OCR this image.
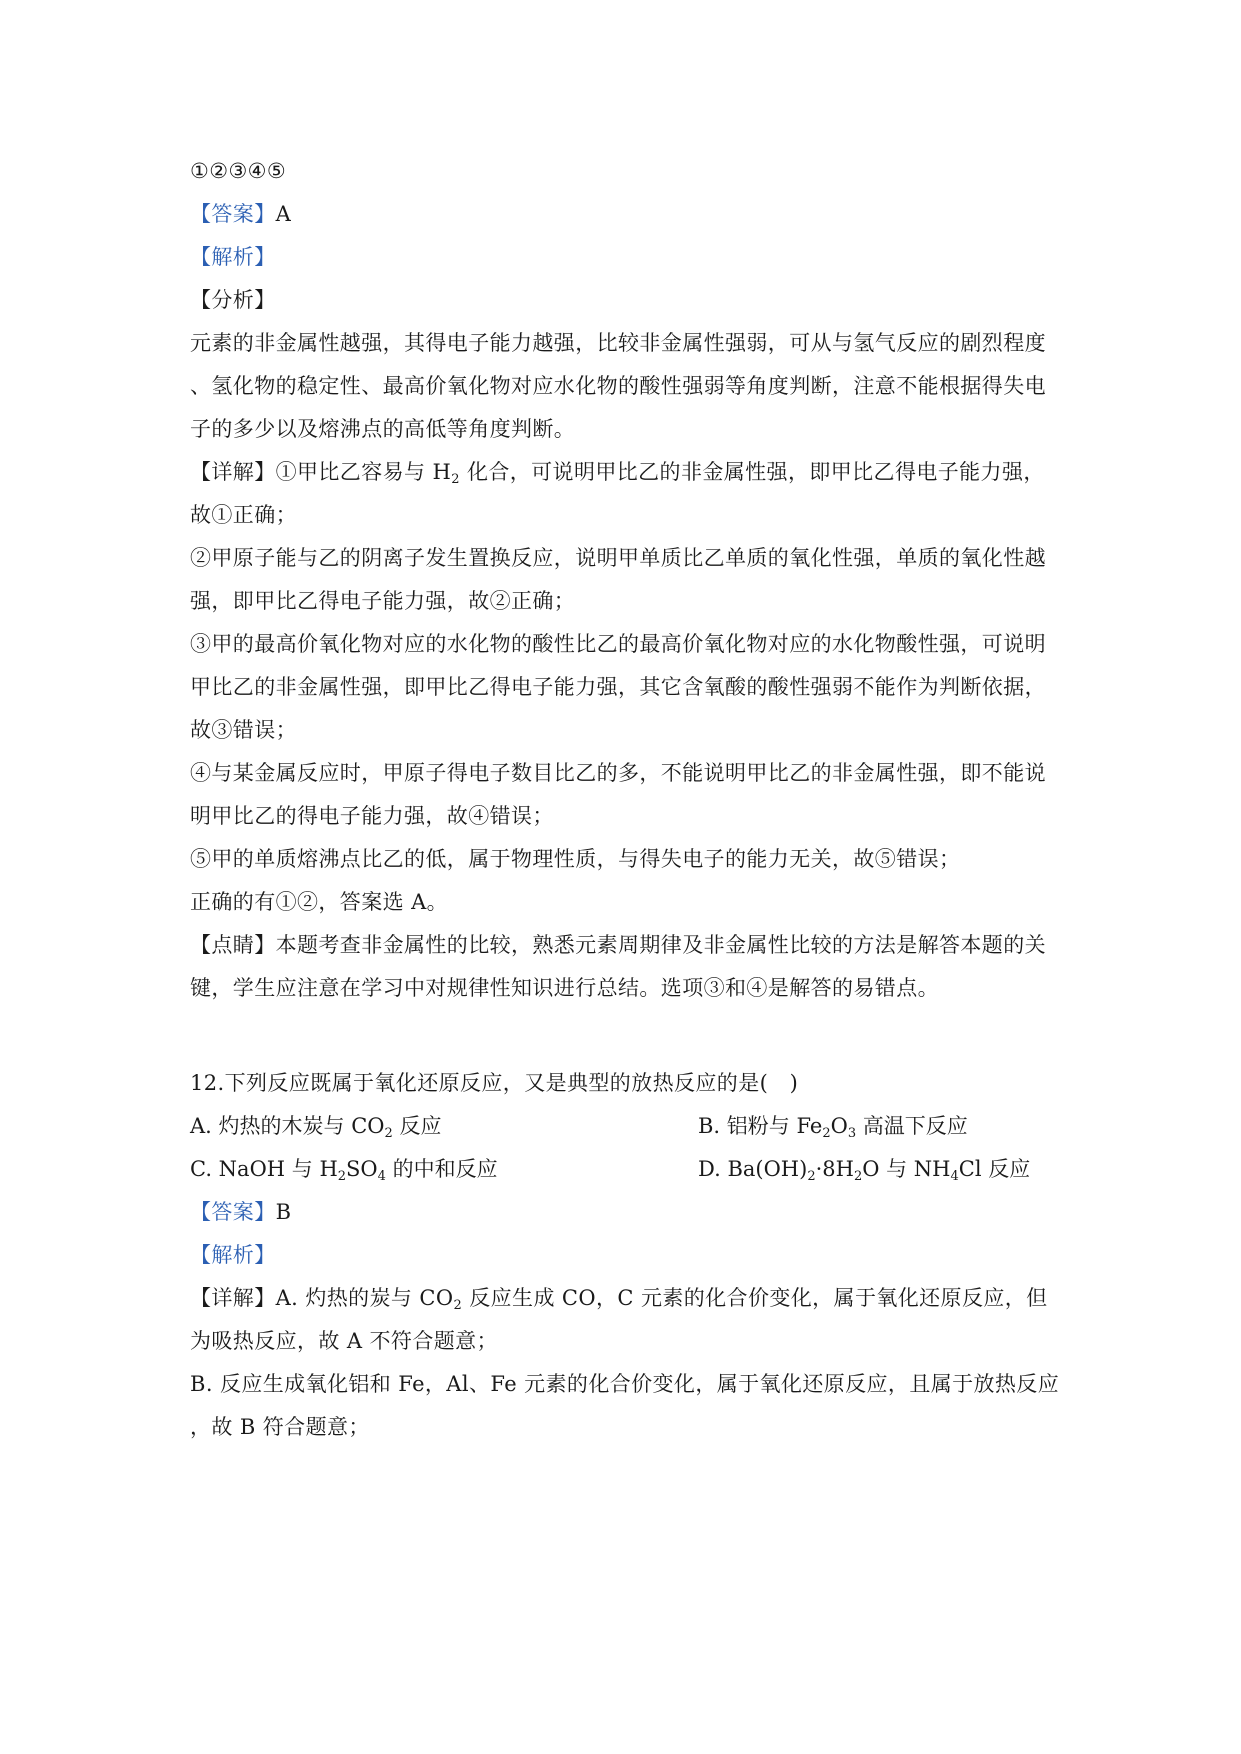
①②③④⑤
【答案】A
【解析】
【分析】
元素的非金属性越强，其得电子能力越强，比较非金属性强弱，可从与氢气反应的剧烈程度
、氢化物的稳定性、最高价氧化物对应水化物的酸性强弱等角度判断，注意不能根据得失电
子的多少以及熔沸点的高低等角度判断。
【详解】①甲比乙容易与 $H_2$ 化合，可说明甲比乙的非金属性强，即甲比乙得电子能力强，
故①正确；
②甲原子能与乙的阴离子发生置换反应，说明甲单质比乙单质的氧化性强，单质的氧化性越
强，即甲比乙得电子能力强，故②正确；
③甲的最高价氧化物对应的水化物的酸性比乙的最高价氧化物对应的水化物酸性强，可说明
甲比乙的非金属性强，即甲比乙得电子能力强，其它含氧酸的酸性强弱不能作为判断依据，
故③错误；
④与某金属反应时，甲原子得电子数目比乙的多，不能说明甲比乙的非金属性强，即不能说
明甲比乙的得电子能力强，故④错误；
⑤甲的单质熔沸点比乙的低，属于物理性质，与得失电子的能力无关，故⑤错误；
正确的有①②，答案选 A。
【点睛】本题考查非金属性的比较，熟悉元素周期律及非金属性比较的方法是解答本题的关
键，学生应注意在学习中对规律性知识进行总结。选项③和④是解答的易错点。
12.下列反应既属于氧化还原反应，又是典型的放热反应的是(　)
A. 灼热的木炭与 $CO_2$ 反应	B. 铝粉与 $Fe_2O_3$ 高温下反应
C. NaOH 与 $H_2SO_4$ 的中和反应	D. $Ba(OH)_2\cdot 8H_2O$ 与 $NH_4Cl$ 反应
【答案】B
【解析】
【详解】A. 灼热的炭与 $CO_2$ 反应生成 CO，C 元素的化合价变化，属于氧化还原反应，但
为吸热反应，故 A 不符合题意；
B. 反应生成氧化铝和 Fe，Al、Fe 元素的化合价变化，属于氧化还原反应，且属于放热反应
，故 B 符合题意；
